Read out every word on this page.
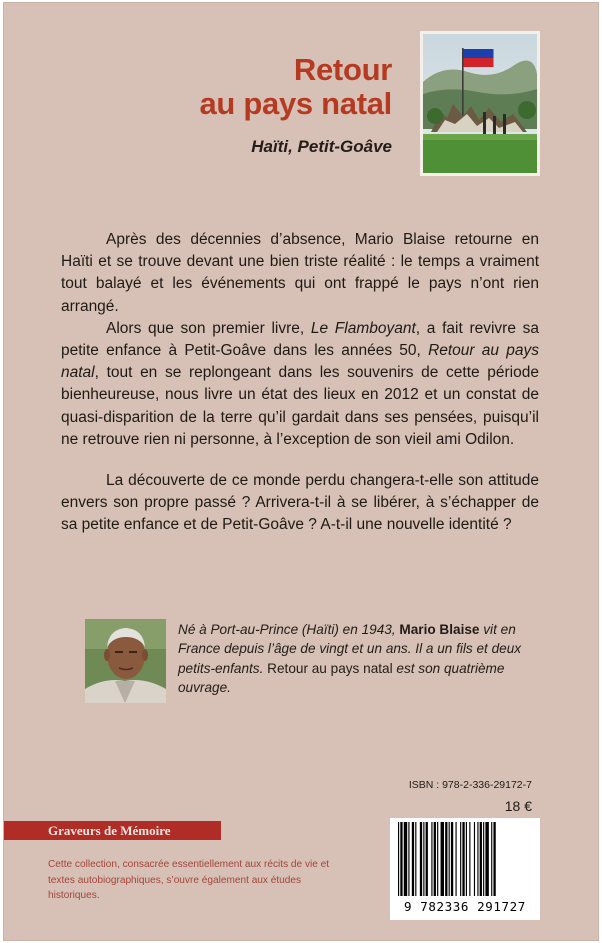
Retour
au pays natal
Haïti, Petit-Goâve

Après des décennies d’absence, Mario Blaise retourne en Haïti et se trouve devant une bien triste réalité : le temps a vraiment tout balayé et les événements qui ont frappé le pays n’ont rien arrangé.

Alors que son premier livre, Le Flamboyant, a fait revivre sa petite enfance à Petit-Goâve dans les années 50, Retour au pays natal, tout en se replongeant dans les souvenirs de cette période bienheureuse, nous livre un état des lieux en 2012 et un constat de quasi-disparition de la terre qu’il gardait dans ses pensées, puisqu’il ne retrouve rien ni personne, à l’exception de son vieil ami Odilon.

La découverte de ce monde perdu changera-t-elle son attitude envers son propre passé ? Arrivera-t-il à se libérer, à s’échapper de sa petite enfance et de Petit-Goâve ? A-t-il une nouvelle identité ?

Né à Port-au-Prince (Haïti) en 1943, Mario Blaise vit en France depuis l’âge de vingt et un ans. Il a un fils et deux petits-enfants. Retour au pays natal est son quatrième ouvrage.
ISBN : 978-2-336-29172-7
18 €
Graveurs de Mémoire
Cette collection, consacrée essentiellement aux récits de vie et textes autobiographiques, s’ouvre également aux études historiques.
9 782336 291727
